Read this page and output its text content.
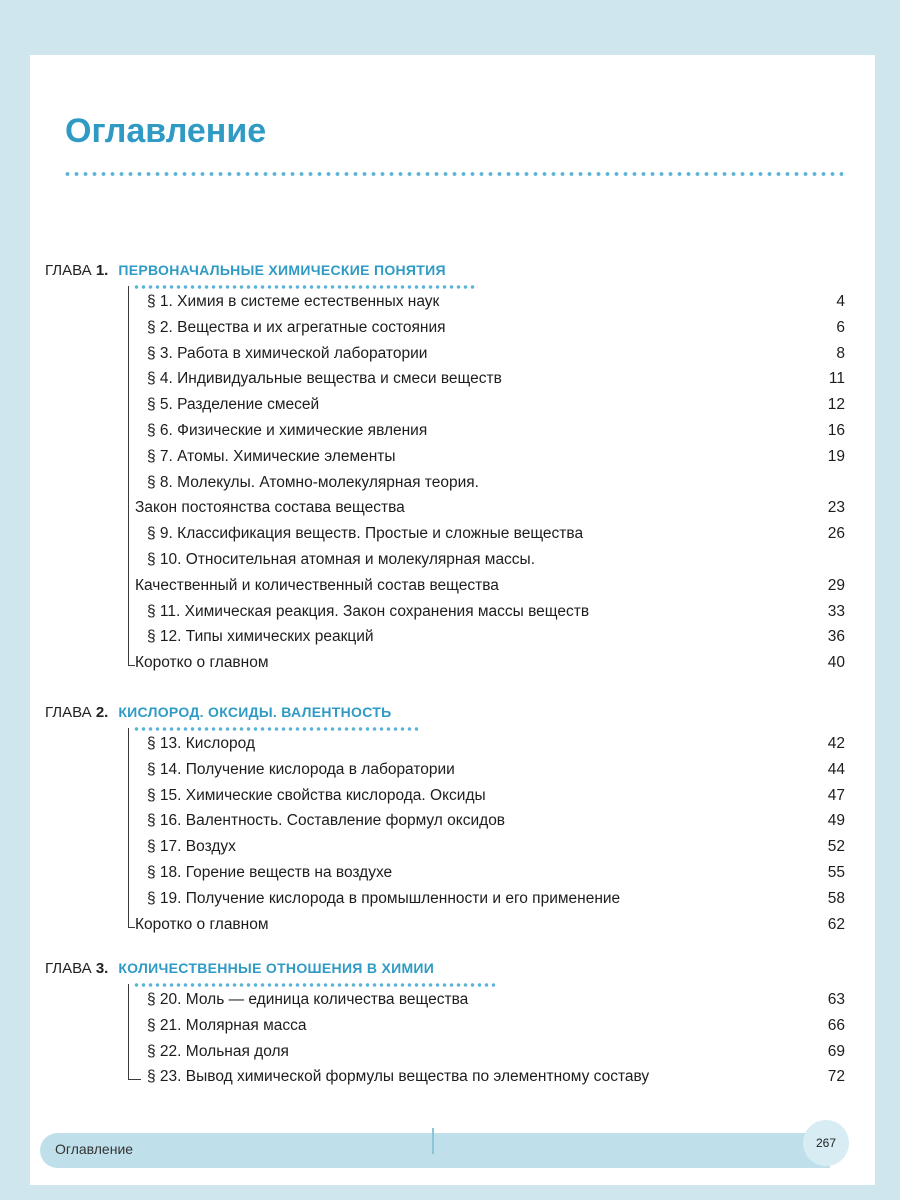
Оглавление
ГЛАВА 1. ПЕРВОНАЧАЛЬНЫЕ ХИМИЧЕСКИЕ ПОНЯТИЯ
§ 1. Химия в системе естественных наук	4
§ 2. Вещества и их агрегатные состояния	6
§ 3. Работа в химической лаборатории	8
§ 4. Индивидуальные вещества и смеси веществ	11
§ 5. Разделение смесей	12
§ 6. Физические и химические явления	16
§ 7. Атомы. Химические элементы	19
§ 8. Молекулы. Атомно-молекулярная теория.
Закон постоянства состава вещества	23
§ 9. Классификация веществ. Простые и сложные вещества	26
§ 10. Относительная атомная и молекулярная массы.
Качественный и количественный состав вещества	29
§ 11. Химическая реакция. Закон сохранения массы веществ	33
§ 12. Типы химических реакций	36
Коротко о главном	40
ГЛАВА 2. КИСЛОРОД. ОКСИДЫ. ВАЛЕНТНОСТЬ
§ 13. Кислород	42
§ 14. Получение кислорода в лаборатории	44
§ 15. Химические свойства кислорода. Оксиды	47
§ 16. Валентность. Составление формул оксидов	49
§ 17. Воздух	52
§ 18. Горение веществ на воздухе	55
§ 19. Получение кислорода в промышленности и его применение	58
Коротко о главном	62
ГЛАВА 3. КОЛИЧЕСТВЕННЫЕ ОТНОШЕНИЯ В ХИМИИ
§ 20. Моль — единица количества вещества	63
§ 21. Молярная масса	66
§ 22. Мольная доля	69
§ 23. Вывод химической формулы вещества по элементному составу	72
Оглавление	267
